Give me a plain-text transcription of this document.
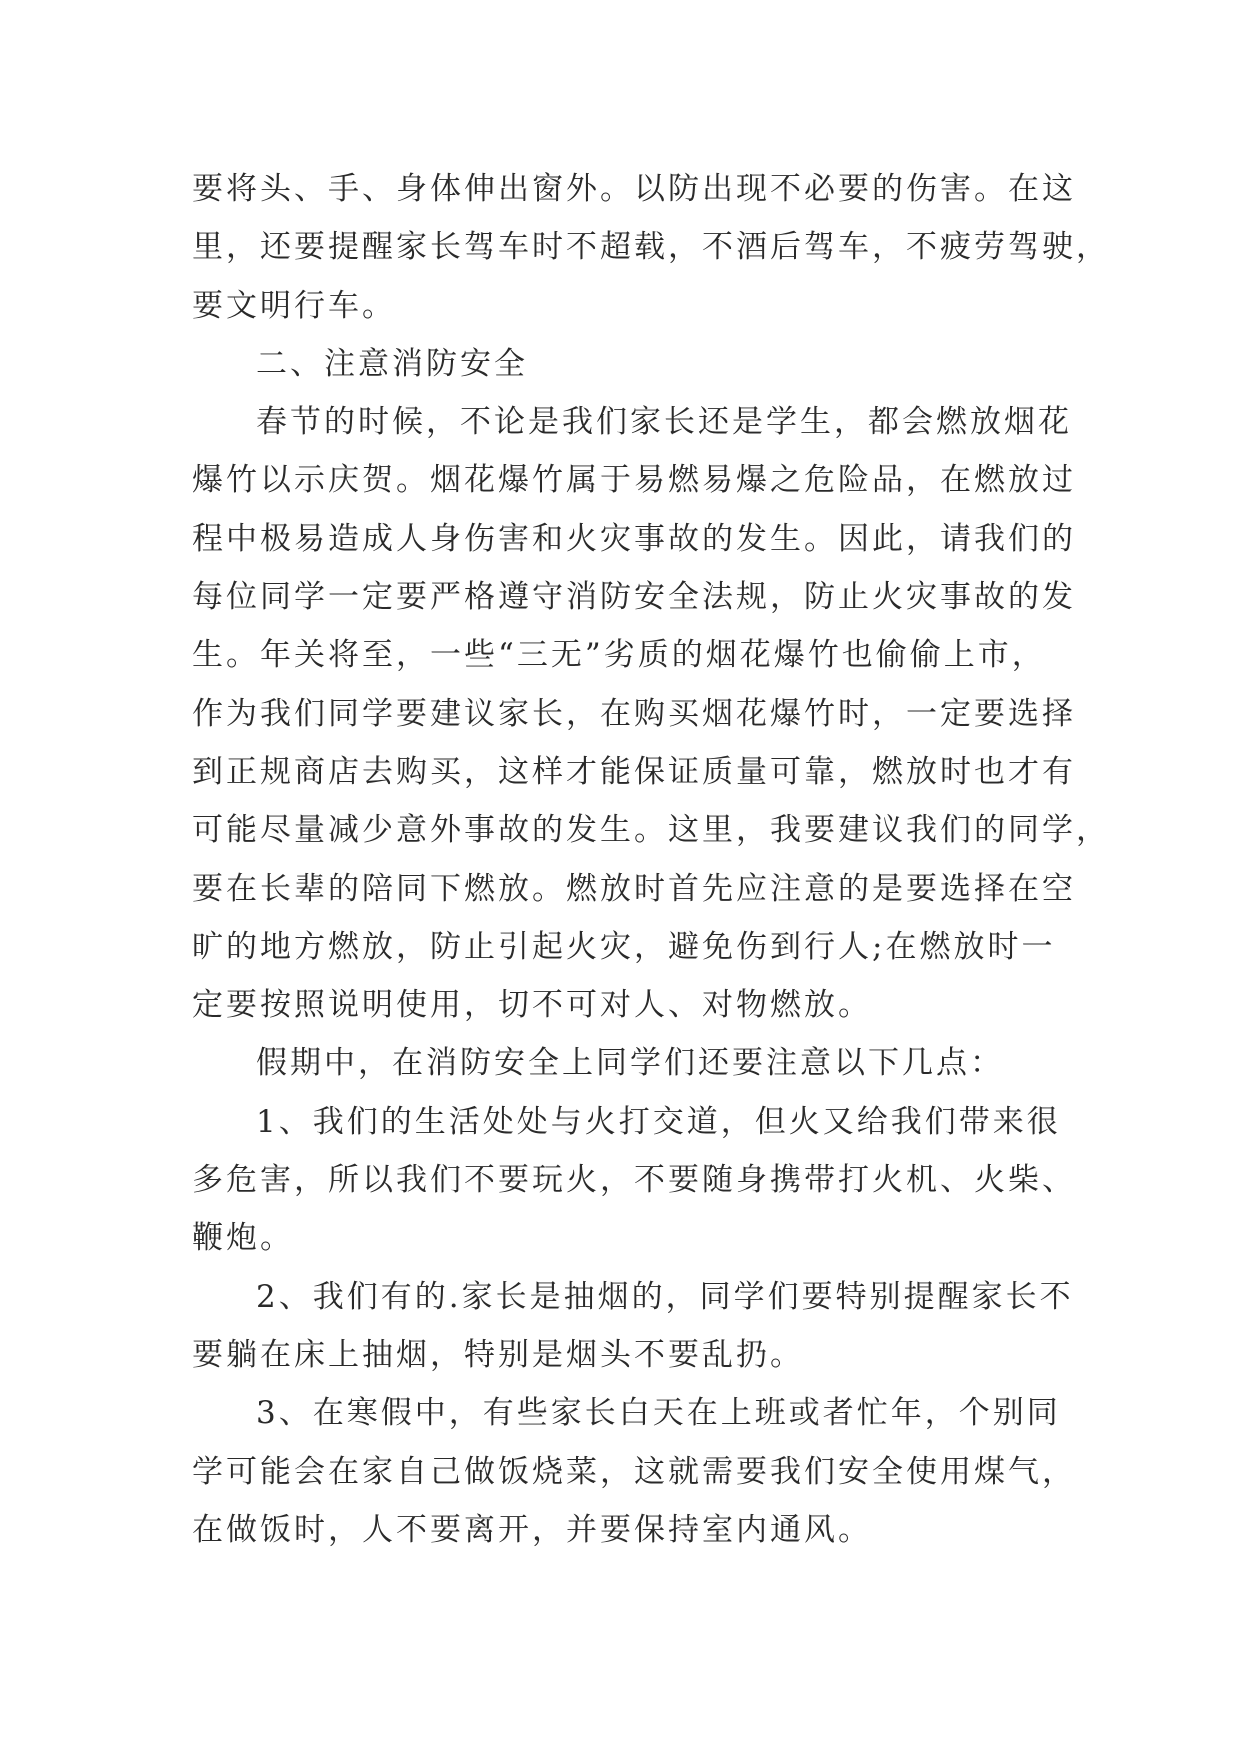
要将头、手、身体伸出窗外。以防出现不必要的伤害。在这
里，还要提醒家长驾车时不超载，不酒后驾车，不疲劳驾驶，
要文明行车。
二、注意消防安全
春节的时候，不论是我们家长还是学生，都会燃放烟花
爆竹以示庆贺。烟花爆竹属于易燃易爆之危险品，在燃放过
程中极易造成人身伤害和火灾事故的发生。因此，请我们的
每位同学一定要严格遵守消防安全法规，防止火灾事故的发
生。年关将至，一些“三无”劣质的烟花爆竹也偷偷上市，
作为我们同学要建议家长，在购买烟花爆竹时，一定要选择
到正规商店去购买，这样才能保证质量可靠，燃放时也才有
可能尽量减少意外事故的发生。这里，我要建议我们的同学，
要在长辈的陪同下燃放。燃放时首先应注意的是要选择在空
旷的地方燃放，防止引起火灾，避免伤到行人;在燃放时一
定要按照说明使用，切不可对人、对物燃放。
假期中，在消防安全上同学们还要注意以下几点：
1、我们的生活处处与火打交道，但火又给我们带来很
多危害，所以我们不要玩火，不要随身携带打火机、火柴、
鞭炮。
2、我们有的.家长是抽烟的，同学们要特别提醒家长不
要躺在床上抽烟，特别是烟头不要乱扔。
3、在寒假中，有些家长白天在上班或者忙年，个别同
学可能会在家自己做饭烧菜，这就需要我们安全使用煤气，
在做饭时，人不要离开，并要保持室内通风。
